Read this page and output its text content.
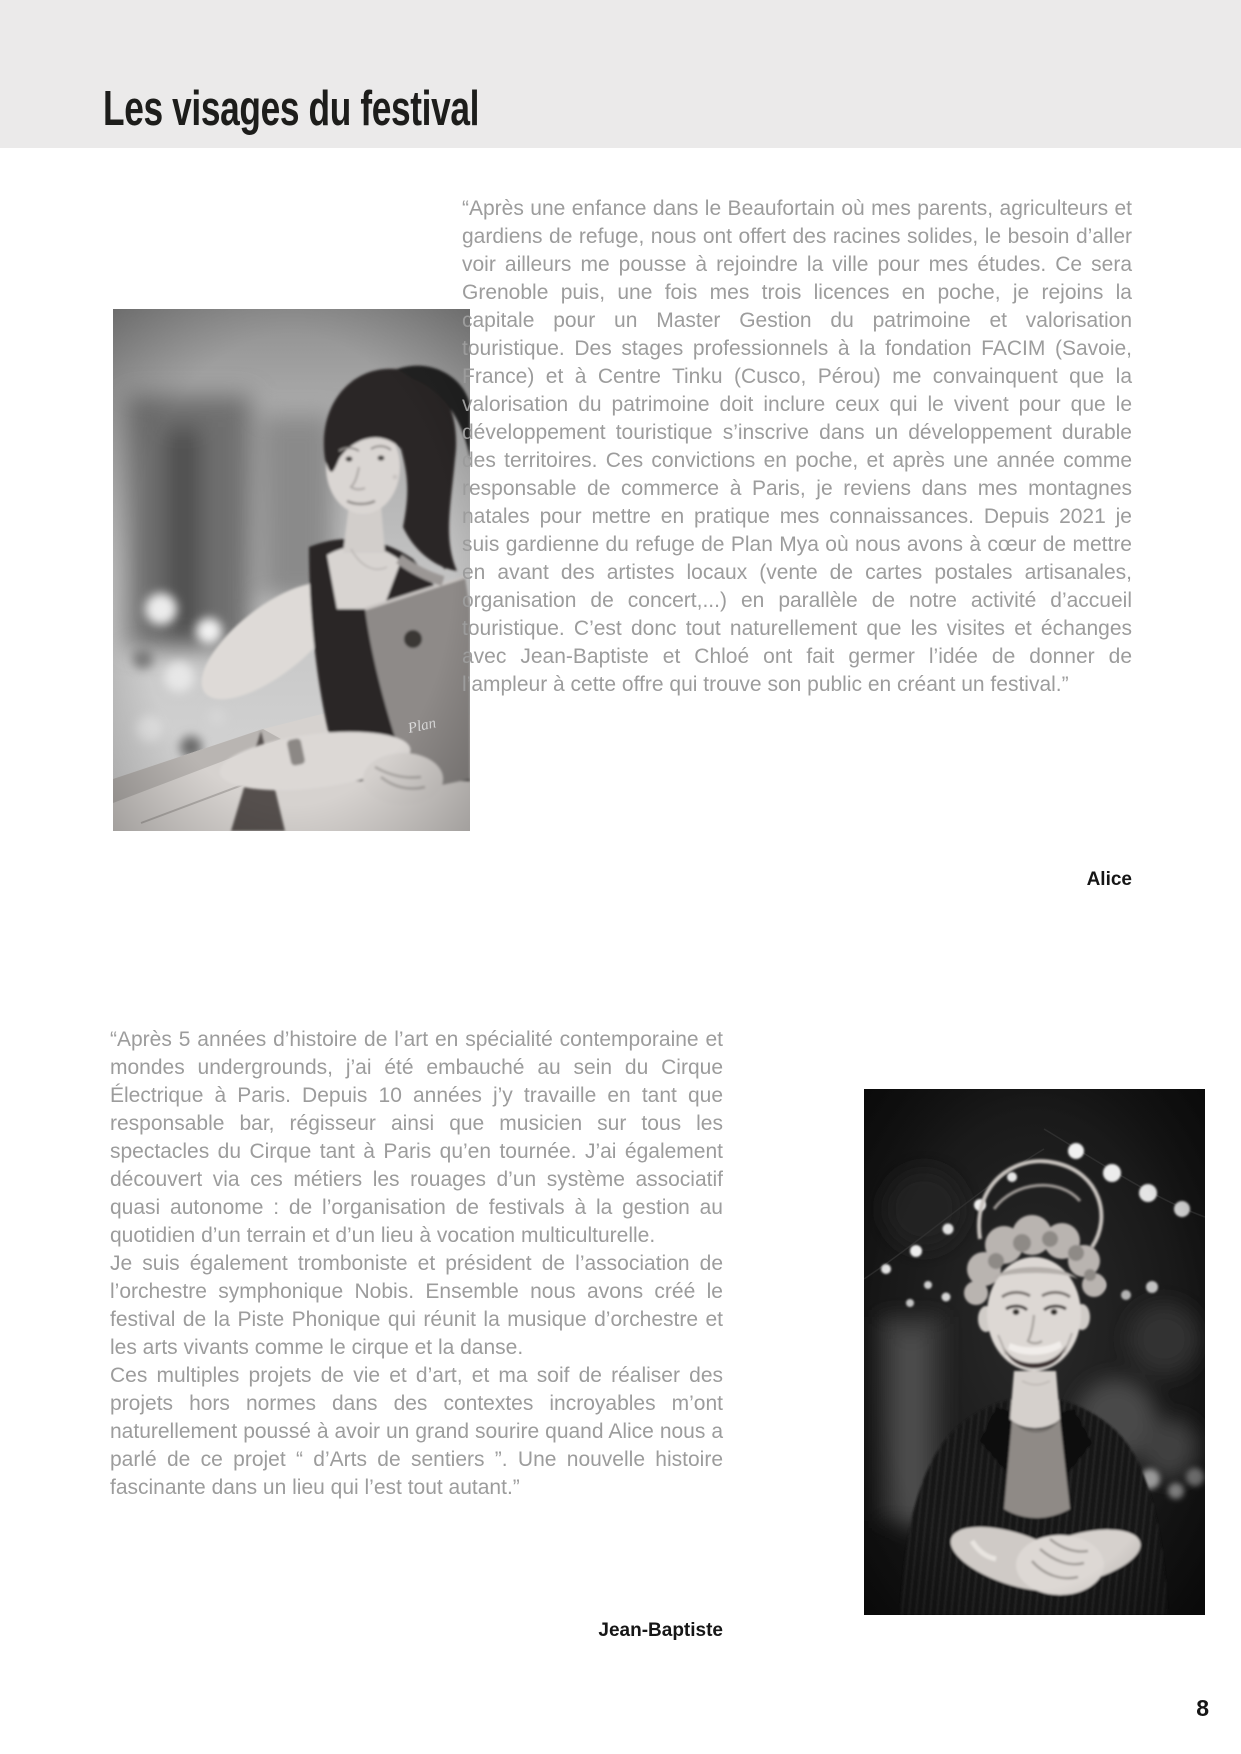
Les visages du festival

“Après une enfance dans le Beaufortain où mes parents, agriculteurs et gardiens de refuge, nous ont offert des racines solides, le besoin d’aller voir ailleurs me pousse à rejoindre la ville pour mes études. Ce sera Grenoble puis, une fois mes trois licences en poche, je rejoins la capitale pour un Master Gestion du patrimoine et valorisation touristique. Des stages professionnels à la fondation FACIM (Savoie, France) et à Centre Tinku (Cusco, Pérou) me convainquent que la valorisation du patrimoine doit inclure ceux qui le vivent pour que le développement touristique s’inscrive dans un développement durable des territoires. Ces convictions en poche, et après une année comme responsable de commerce à Paris, je reviens dans mes montagnes natales pour mettre en pratique mes connaissances. Depuis 2021 je suis gardienne du refuge de Plan Mya où nous avons à cœur de mettre en avant des artistes locaux (vente de cartes postales artisanales, organisation de concert,...) en parallèle de notre activité d’accueil touristique. C’est donc tout naturellement que les visites et échanges avec Jean-Baptiste et Chloé ont fait germer l’idée de donner de l’ampleur à cette offre qui trouve son public en créant un festival.”

Alice

“Après 5 années d’histoire de l’art en spécialité contemporaine et mondes undergrounds, j’ai été embauché au sein du Cirque Électrique à Paris. Depuis 10 années j’y travaille en tant que responsable bar, régisseur ainsi que musicien sur tous les spectacles du Cirque tant à Paris qu’en tournée. J’ai également découvert via ces métiers les rouages d’un système associatif quasi autonome : de l’organisation de festivals à la gestion au quotidien d’un terrain et d’un lieu à vocation multiculturelle.

Je suis également tromboniste et président de l’association de l’orchestre symphonique Nobis. Ensemble nous avons créé le festival de la Piste Phonique qui réunit la musique d’orchestre et les arts vivants comme le cirque et la danse.

Ces multiples projets de vie et d’art, et ma soif de réaliser des projets hors normes dans des contextes incroyables m’ont naturellement poussé à avoir un grand sourire quand Alice nous a parlé de ce projet “ d’Arts de sentiers ”. Une nouvelle histoire fascinante dans un lieu qui l’est tout autant.”

Jean-Baptiste
8
